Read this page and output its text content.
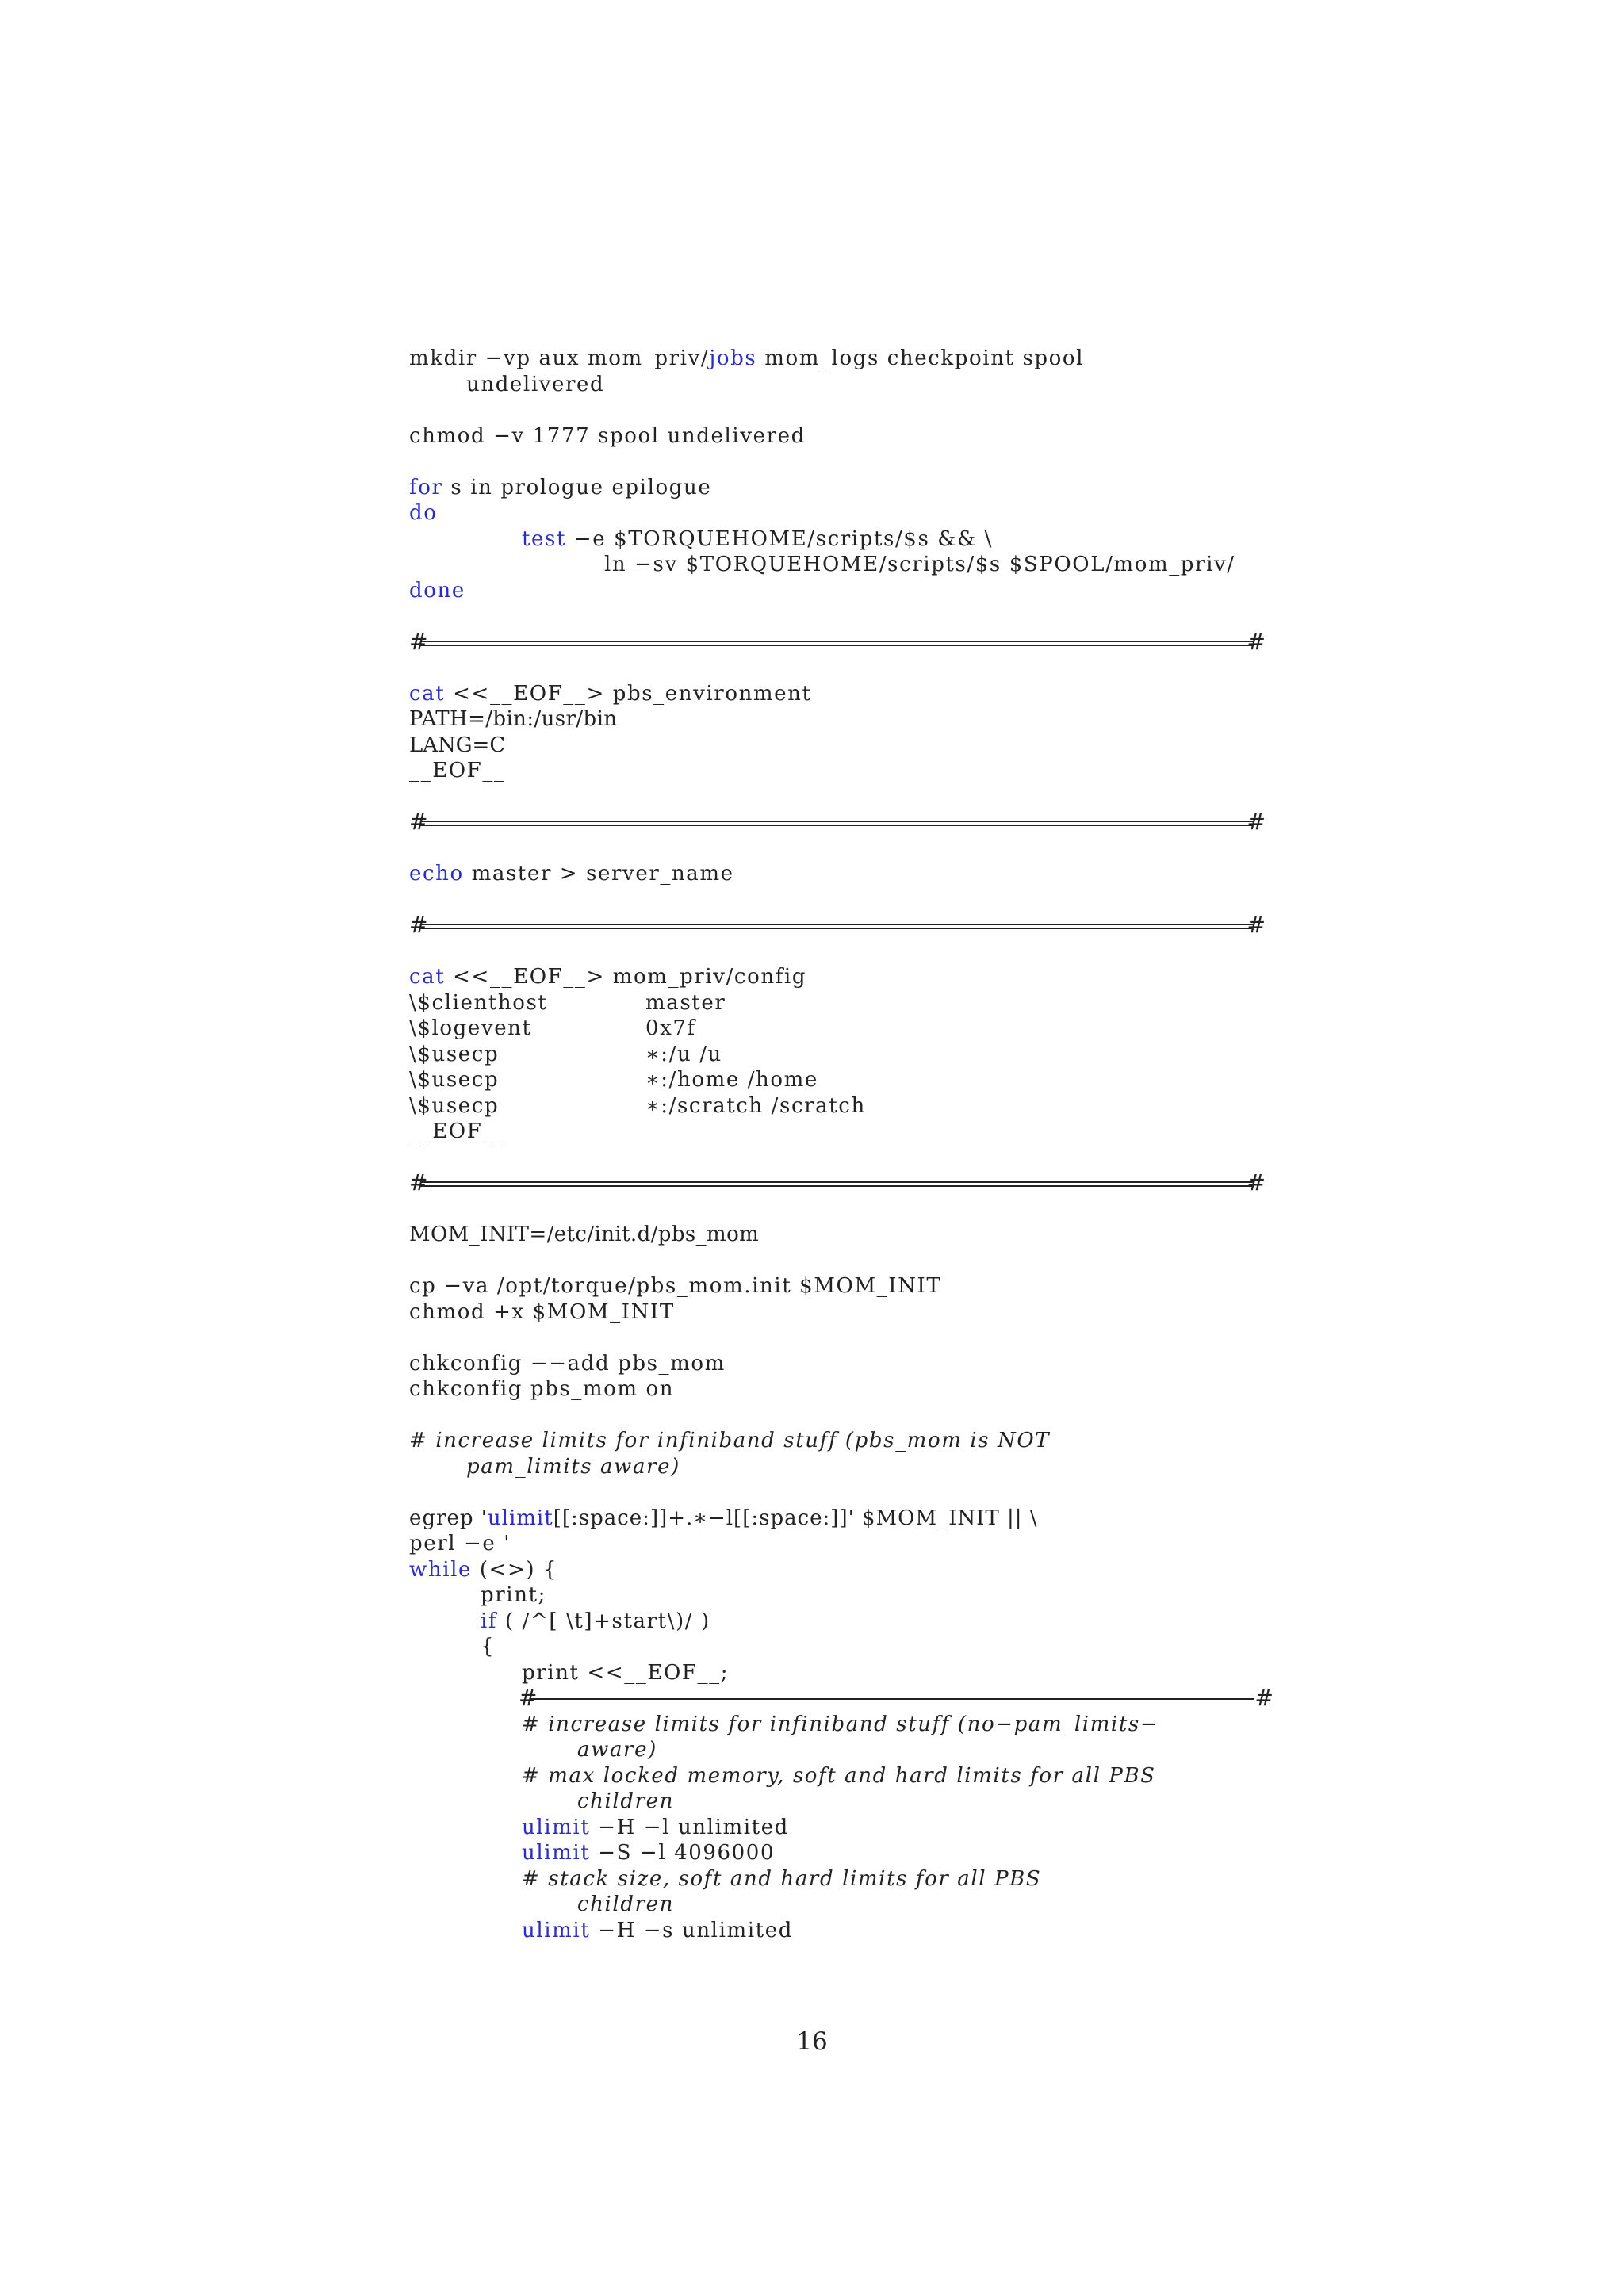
mkdir −vp aux mom_priv/jobs mom_logs checkpoint spool
undelivered
chmod −v 1777 spool undelivered
for s in prologue epilogue
do
test −e $TORQUEHOME/scripts/$s && \
ln −sv $TORQUEHOME/scripts/$s $SPOOL/mom_priv/
done
#	#
cat <<__EOF__> pbs_environment
PATH=/bin:/usr/bin
LANG=C
__EOF__
#	#
echo master > server_name
#	#
cat <<__EOF__> mom_priv/config
\$clienthost	master
\$logevent	0x7f
\$usecp	∗:/u /u
\$usecp	∗:/home /home
\$usecp	∗:/scratch /scratch
__EOF__
#	#
MOM_INIT=/etc/init.d/pbs_mom
cp −va /opt/torque/pbs_mom.init $MOM_INIT
chmod +x $MOM_INIT
chkconfig −−add pbs_mom
chkconfig pbs_mom on
# increase limits for infiniband stuff (pbs_mom is NOT
pam_limits aware)
egrep 'ulimit[[:space:]]+.∗−l[[:space:]]' $MOM_INIT || \
perl −e '
while (<>) {
print;
if ( /^[ \t]+start\)/ )
{
print <<__EOF__;
#	#
# increase limits for infiniband stuff (no−pam_limits−
aware)
# max locked memory, soft and hard limits for all PBS
children
ulimit −H −l unlimited
ulimit −S −l 4096000
# stack size, soft and hard limits for all PBS
children
ulimit −H −s unlimited
16
